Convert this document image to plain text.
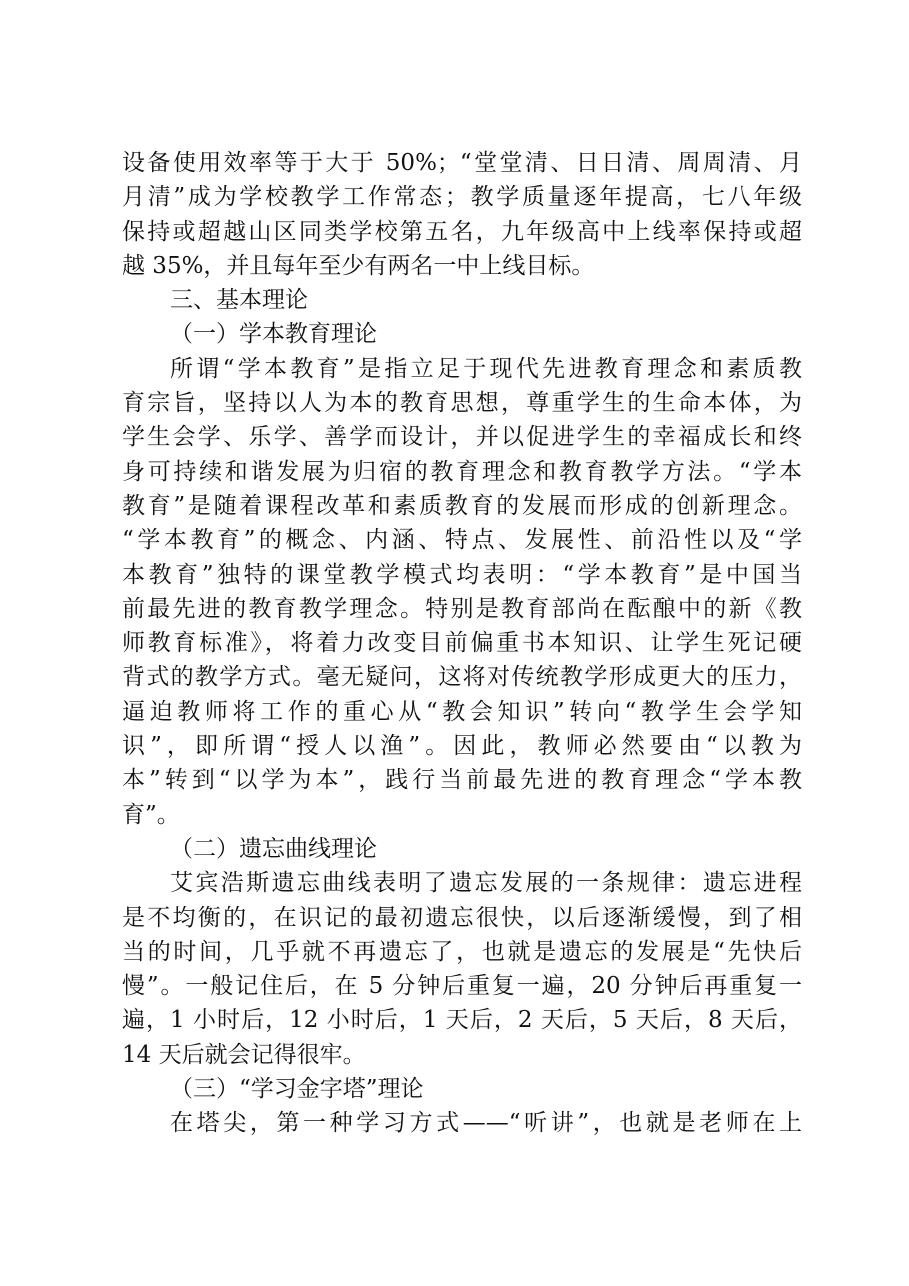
设备使用效率等于大于 50%；“堂堂清、日日清、周周清、月
月清”成为学校教学工作常态；教学质量逐年提高，七八年级
保持或超越山区同类学校第五名，九年级高中上线率保持或超
越 35%，并且每年至少有两名一中上线目标。
三、基本理论
（一）学本教育理论
所谓“学本教育”是指立足于现代先进教育理念和素质教
育宗旨，坚持以人为本的教育思想，尊重学生的生命本体，为
学生会学、乐学、善学而设计，并以促进学生的幸福成长和终
身可持续和谐发展为归宿的教育理念和教育教学方法。“学本
教育”是随着课程改革和素质教育的发展而形成的创新理念。
“学本教育”的概念、内涵、特点、发展性、前沿性以及“学
本教育”独特的课堂教学模式均表明：“学本教育”是中国当
前最先进的教育教学理念。特别是教育部尚在酝酿中的新《教
师教育标准》，将着力改变目前偏重书本知识、让学生死记硬
背式的教学方式。毫无疑问，这将对传统教学形成更大的压力，
逼迫教师将工作的重心从“教会知识”转向“教学生会学知
识”，即所谓“授人以渔”。因此，教师必然要由“以教为
本”转到“以学为本”，践行当前最先进的教育理念“学本教
育”。
（二）遗忘曲线理论
艾宾浩斯遗忘曲线表明了遗忘发展的一条规律：遗忘进程
是不均衡的，在识记的最初遗忘很快，以后逐渐缓慢，到了相
当的时间，几乎就不再遗忘了，也就是遗忘的发展是“先快后
慢”。一般记住后，在 5 分钟后重复一遍，20 分钟后再重复一
遍，1 小时后，12 小时后，1 天后，2 天后，5 天后，8 天后，
14 天后就会记得很牢。
（三）“学习金字塔”理论
在塔尖，第一种学习方式——“听讲”，也就是老师在上
